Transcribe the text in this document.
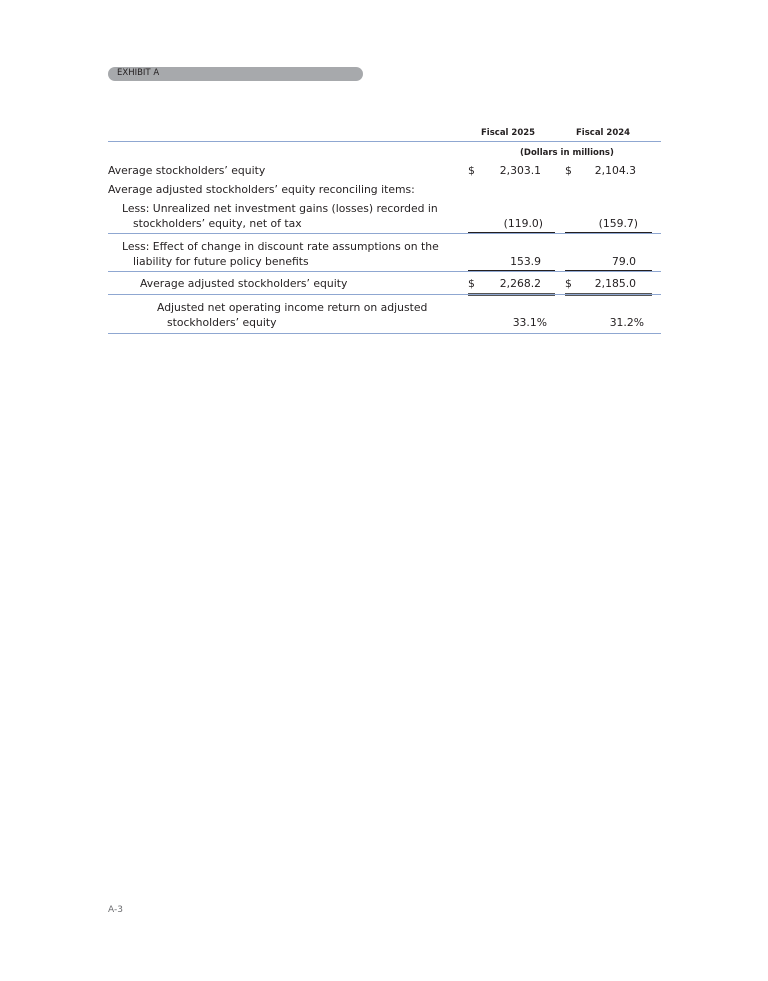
EXHIBIT A
Fiscal 2025	Fiscal 2024
(Dollars in millions)
Average stockholders’ equity	$	2,303.1 $	2,104.3
Average adjusted stockholders’ equity reconciling items:
Less: Unrealized net investment gains (losses) recorded in
stockholders’ equity, net of tax	(119.0)	(159.7)
Less: Effect of change in discount rate assumptions on the
liability for future policy benefits	153.9	79.0
Average adjusted stockholders’ equity	$	2,268.2 $	2,185.0
Adjusted net operating income return on adjusted
stockholders’ equity	33.1%	31.2%
A-3
